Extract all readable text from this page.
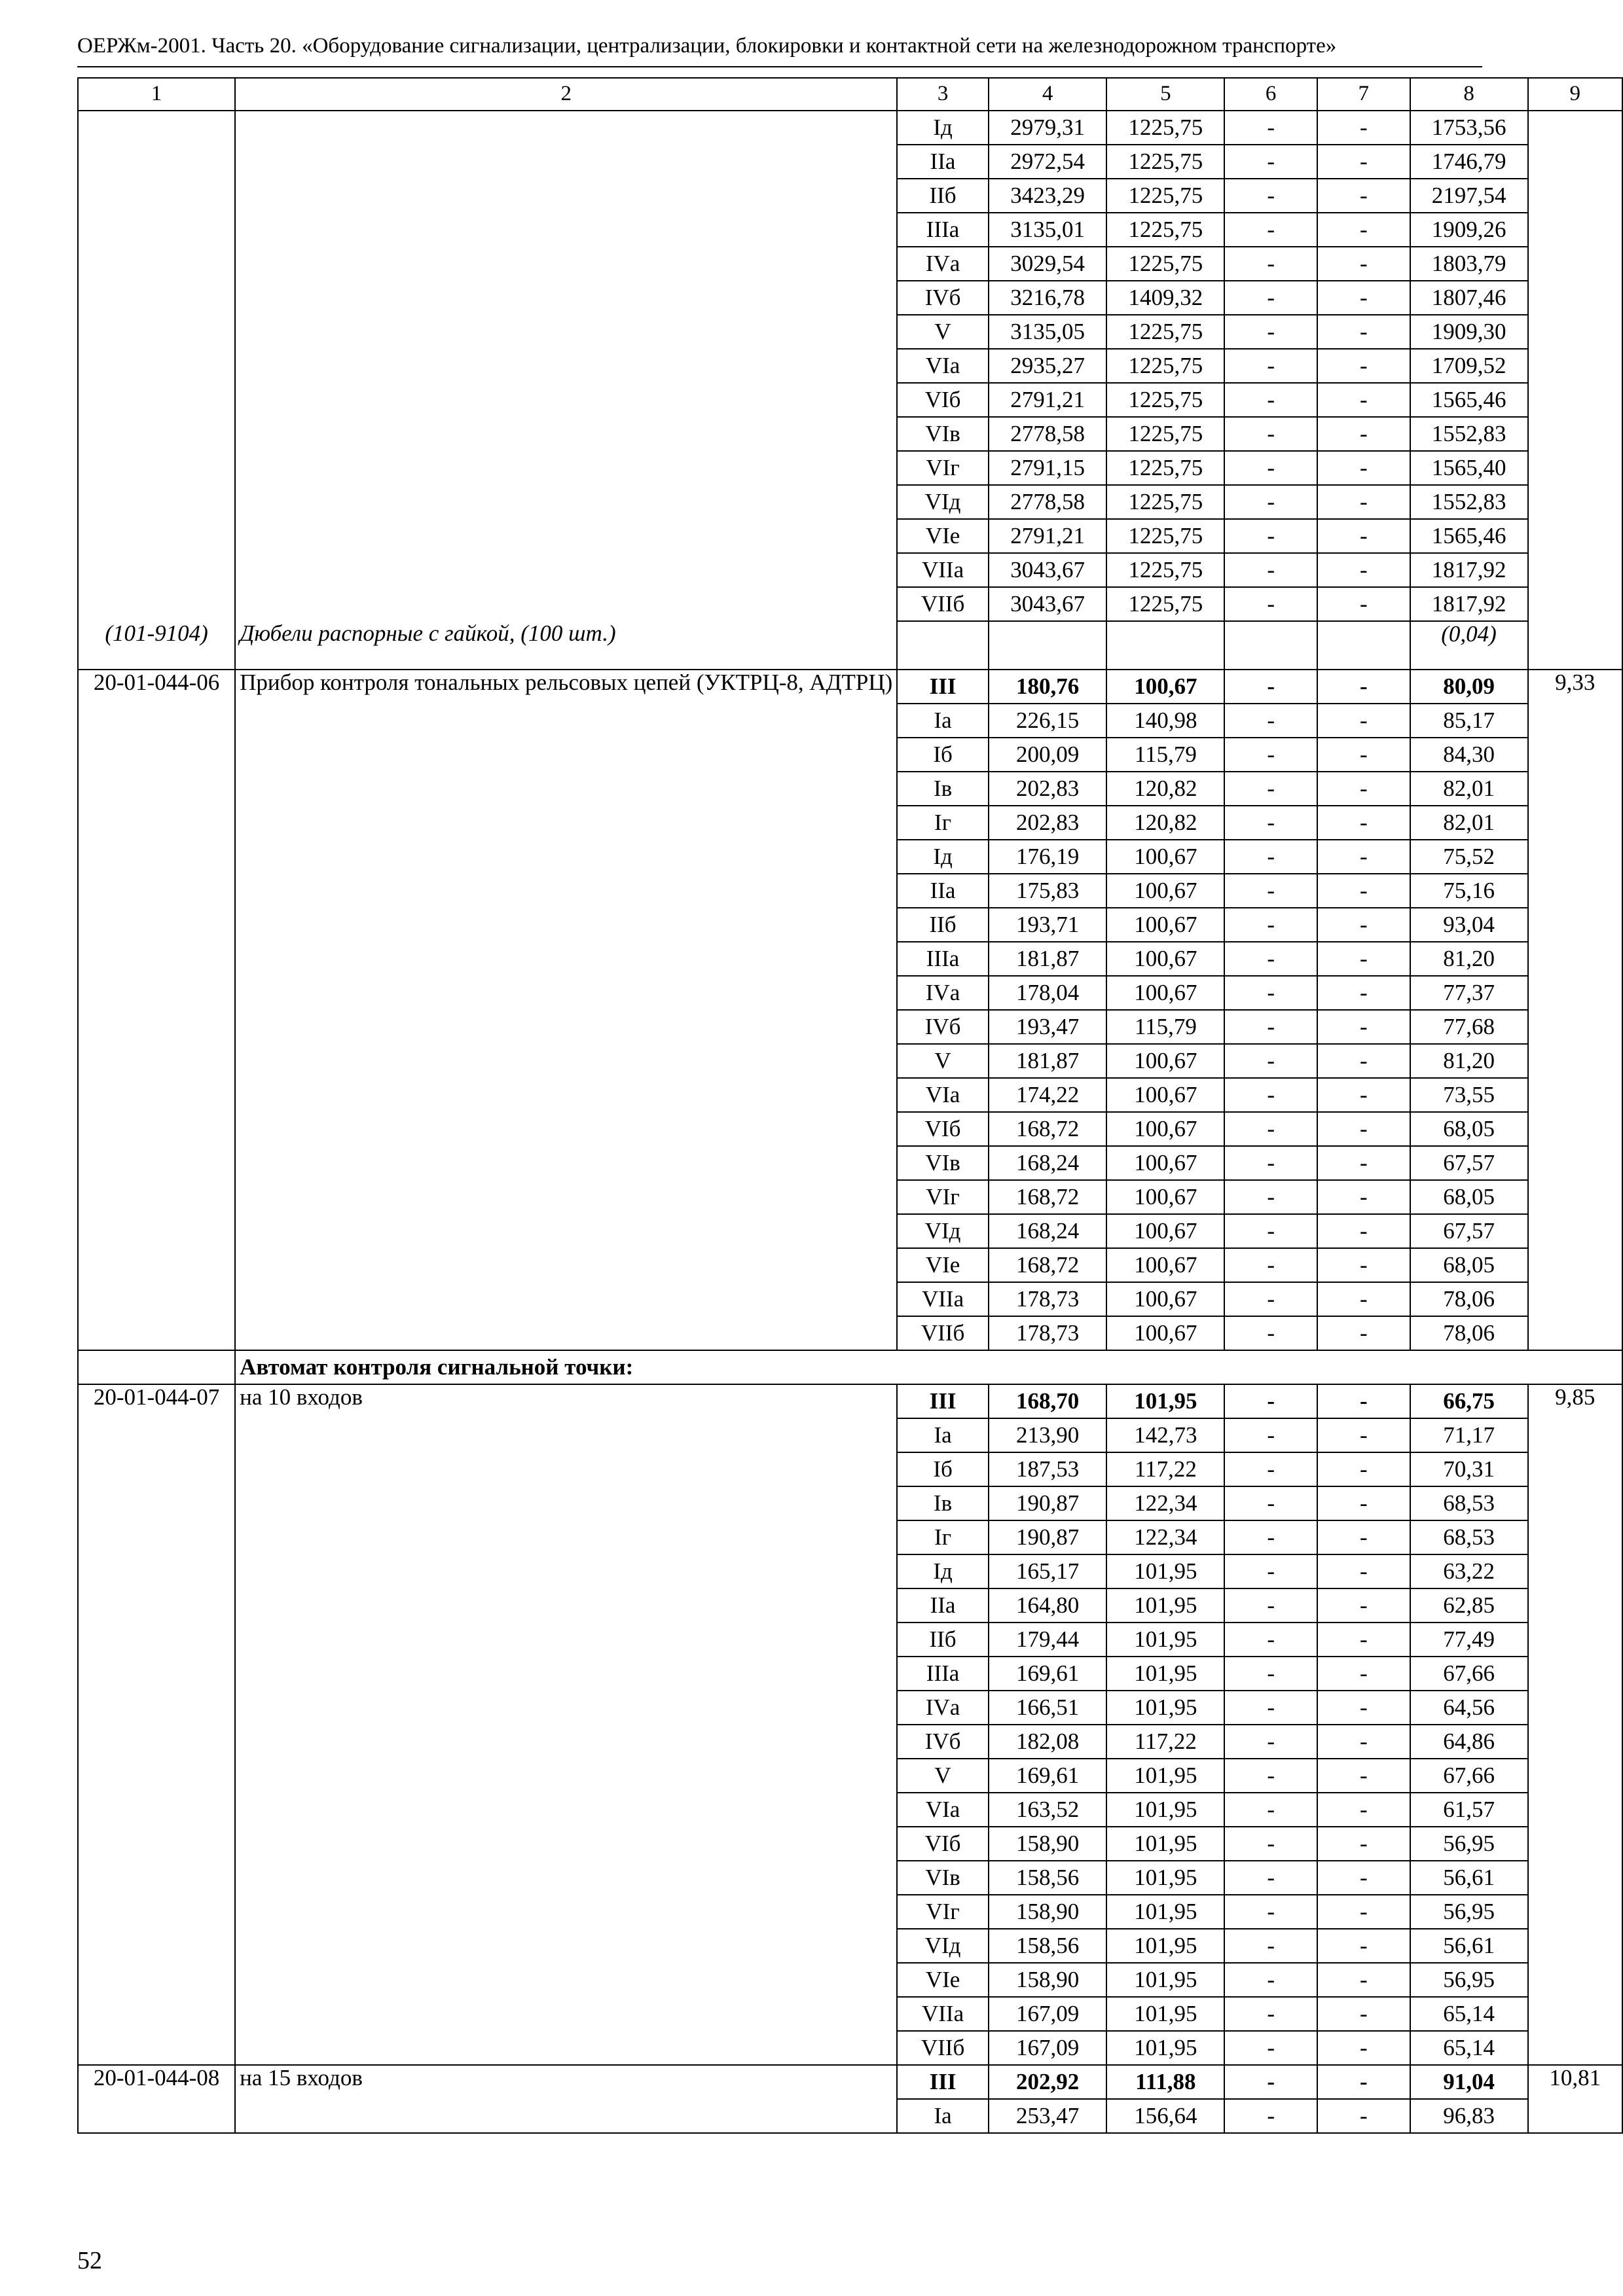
ОЕРЖм-2001. Часть 20. «Оборудование сигнализации, централизации, блокировки и контактной сети на железнодорожном транспорте»
1	2	3	4	5	6	7	8	9
		Iд	2979,31	1225,75	-	-	1753,56	
		IIа	2972,54	1225,75	-	-	1746,79	
		IIб	3423,29	1225,75	-	-	2197,54	
		IIIа	3135,01	1225,75	-	-	1909,26	
		IVа	3029,54	1225,75	-	-	1803,79	
		IVб	3216,78	1409,32	-	-	1807,46	
		V	3135,05	1225,75	-	-	1909,30	
		VIа	2935,27	1225,75	-	-	1709,52	
		VIб	2791,21	1225,75	-	-	1565,46	
		VIв	2778,58	1225,75	-	-	1552,83	
		VIг	2791,15	1225,75	-	-	1565,40	
		VIд	2778,58	1225,75	-	-	1552,83	
		VIе	2791,21	1225,75	-	-	1565,46	
		VIIа	3043,67	1225,75	-	-	1817,92	
		VIIб	3043,67	1225,75	-	-	1817,92	
(101-9104)	Дюбели распорные с гайкой, (100 шт.)						(0,04)	
20-01-044-06	Прибор контроля тональных рельсовых цепей (УКТРЦ-8, АДТРЦ)	III	180,76	100,67	-	-	80,09	9,33
		Iа	226,15	140,98	-	-	85,17	
		Iб	200,09	115,79	-	-	84,30	
		Iв	202,83	120,82	-	-	82,01	
		Iг	202,83	120,82	-	-	82,01	
		Iд	176,19	100,67	-	-	75,52	
		IIа	175,83	100,67	-	-	75,16	
		IIб	193,71	100,67	-	-	93,04	
		IIIа	181,87	100,67	-	-	81,20	
		IVа	178,04	100,67	-	-	77,37	
		IVб	193,47	115,79	-	-	77,68	
		V	181,87	100,67	-	-	81,20	
		VIа	174,22	100,67	-	-	73,55	
		VIб	168,72	100,67	-	-	68,05	
		VIв	168,24	100,67	-	-	67,57	
		VIг	168,72	100,67	-	-	68,05	
		VIд	168,24	100,67	-	-	67,57	
		VIе	168,72	100,67	-	-	68,05	
		VIIа	178,73	100,67	-	-	78,06	
		VIIб	178,73	100,67	-	-	78,06	
	Автомат контроля сигнальной точки:							
20-01-044-07	на 10 входов	III	168,70	101,95	-	-	66,75	9,85
		Iа	213,90	142,73	-	-	71,17	
		Iб	187,53	117,22	-	-	70,31	
		Iв	190,87	122,34	-	-	68,53	
		Iг	190,87	122,34	-	-	68,53	
		Iд	165,17	101,95	-	-	63,22	
		IIа	164,80	101,95	-	-	62,85	
		IIб	179,44	101,95	-	-	77,49	
		IIIа	169,61	101,95	-	-	67,66	
		IVа	166,51	101,95	-	-	64,56	
		IVб	182,08	117,22	-	-	64,86	
		V	169,61	101,95	-	-	67,66	
		VIа	163,52	101,95	-	-	61,57	
		VIб	158,90	101,95	-	-	56,95	
		VIв	158,56	101,95	-	-	56,61	
		VIг	158,90	101,95	-	-	56,95	
		VIд	158,56	101,95	-	-	56,61	
		VIе	158,90	101,95	-	-	56,95	
		VIIа	167,09	101,95	-	-	65,14	
		VIIб	167,09	101,95	-	-	65,14	
20-01-044-08	на 15 входов	III	202,92	111,88	-	-	91,04	10,81
		Iа	253,47	156,64	-	-	96,83	
52
